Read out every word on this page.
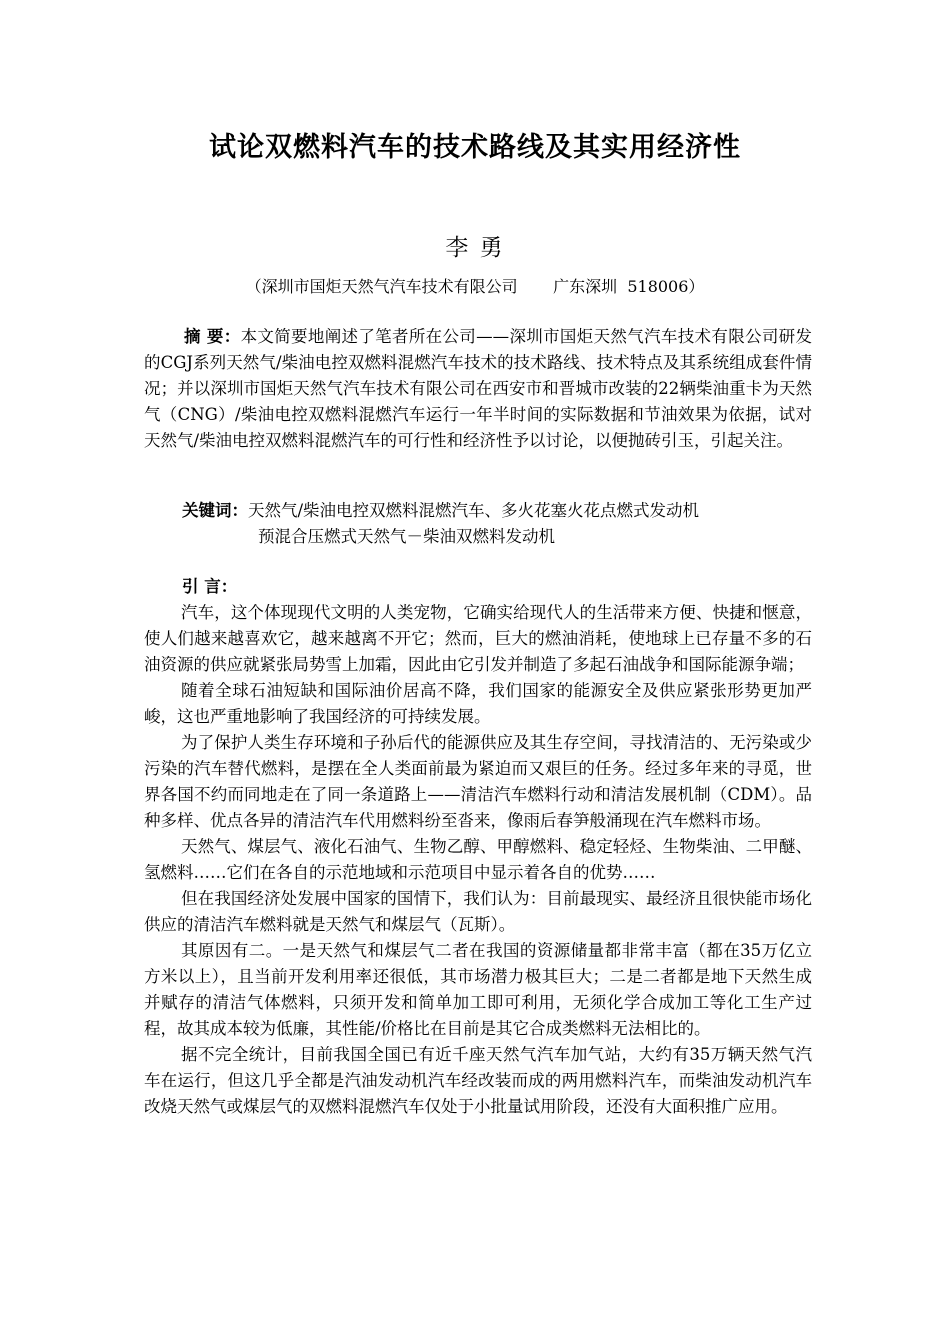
试论双燃料汽车的技术路线及其实用经济性
李 勇
（深圳市国炬天然气汽车技术有限公司       广东深圳  518006）
摘 要：本文简要地阐述了笔者所在公司——深圳市国炬天然气汽车技术有限公司研发的CGJ系列天然气/柴油电控双燃料混燃汽车技术的技术路线、技术特点及其系统组成套件情况；并以深圳市国炬天然气汽车技术有限公司在西安市和晋城市改装的22辆柴油重卡为天然气（CNG）/柴油电控双燃料混燃汽车运行一年半时间的实际数据和节油效果为依据，试对天然气/柴油电控双燃料混燃汽车的可行性和经济性予以讨论，以便抛砖引玉，引起关注。
关键词：天然气/柴油电控双燃料混燃汽车、多火花塞火花点燃式发动机
预混合压燃式天然气－柴油双燃料发动机
引 言：

汽车，这个体现现代文明的人类宠物，它确实给现代人的生活带来方便、快捷和惬意，使人们越来越喜欢它，越来越离不开它；然而，巨大的燃油消耗，使地球上已存量不多的石油资源的供应就紧张局势雪上加霜，因此由它引发并制造了多起石油战争和国际能源争端；

随着全球石油短缺和国际油价居高不降，我们国家的能源安全及供应紧张形势更加严峻，这也严重地影响了我国经济的可持续发展。

为了保护人类生存环境和子孙后代的能源供应及其生存空间，寻找清洁的、无污染或少污染的汽车替代燃料，是摆在全人类面前最为紧迫而又艰巨的任务。经过多年来的寻觅，世界各国不约而同地走在了同一条道路上——清洁汽车燃料行动和清洁发展机制（CDM）。品种多样、优点各异的清洁汽车代用燃料纷至沓来，像雨后春笋般涌现在汽车燃料市场。

天然气、煤层气、液化石油气、生物乙醇、甲醇燃料、稳定轻烃、生物柴油、二甲醚、氢燃料……它们在各自的示范地域和示范项目中显示着各自的优势……

但在我国经济处发展中国家的国情下，我们认为：目前最现实、最经济且很快能市场化供应的清洁汽车燃料就是天然气和煤层气（瓦斯）。

其原因有二。一是天然气和煤层气二者在我国的资源储量都非常丰富（都在35万亿立方米以上），且当前开发利用率还很低，其市场潜力极其巨大；二是二者都是地下天然生成并赋存的清洁气体燃料，只须开发和简单加工即可利用，无须化学合成加工等化工生产过程，故其成本较为低廉，其性能/价格比在目前是其它合成类燃料无法相比的。

据不完全统计，目前我国全国已有近千座天然气汽车加气站，大约有35万辆天然气汽车在运行，但这几乎全都是汽油发动机汽车经改装而成的两用燃料汽车，而柴油发动机汽车改烧天然气或煤层气的双燃料混燃汽车仅处于小批量试用阶段，还没有大面积推广应用。
